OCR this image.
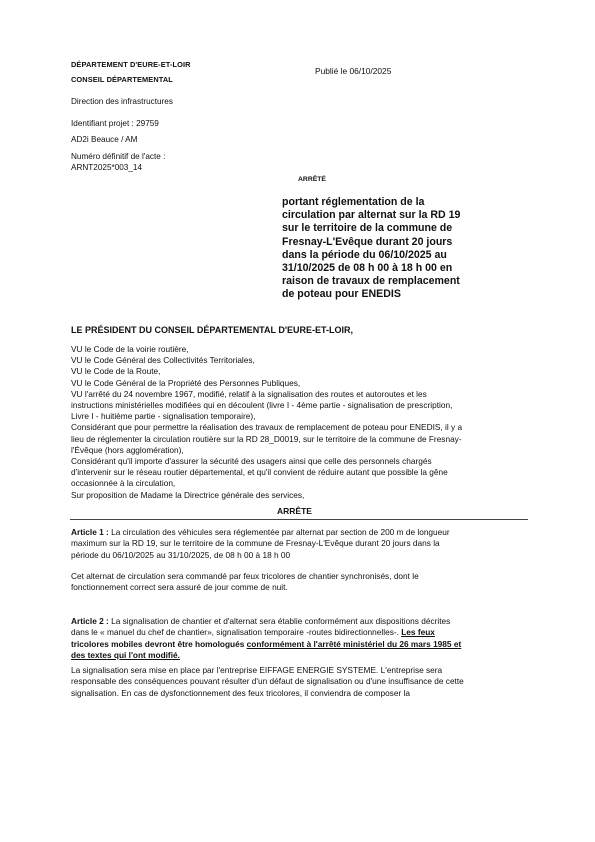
DÉPARTEMENT D'EURE-ET-LOIR
CONSEIL DÉPARTEMENTAL
Publié le 06/10/2025
Direction des infrastructures
Identifiant projet : 29759
AD2i Beauce / AM
Numéro définitif de l'acte :
ARNT2025*003_14
ARRÊTÉ
portant réglementation de la
circulation par alternat sur la RD 19
sur le territoire de la commune de
Fresnay-L'Evêque durant 20 jours
dans la période du 06/10/2025 au
31/10/2025 de 08 h 00 à 18 h 00 en
raison de travaux de remplacement
de poteau pour ENEDIS
LE PRÉSIDENT DU CONSEIL DÉPARTEMENTAL D'EURE-ET-LOIR,
VU le Code de la voirie routière,
VU le Code Général des Collectivités Territoriales,
VU le Code de la Route,
VU le Code Général de la Propriété des Personnes Publiques,
VU l'arrêté du 24 novembre 1967, modifié, relatif à la signalisation des routes et autoroutes et les
instructions ministérielles modifiées qui en découlent (livre I - 4ème partie - signalisation de prescription,
Livre I - huitième partie - signalisation temporaire),
Considérant que pour permettre la réalisation des travaux de remplacement de poteau pour ENEDIS, il y a
lieu de réglementer la circulation routière sur la RD 28_D0019, sur le territoire de la commune de Fresnay-
l'Évêque (hors agglomération),
Considérant qu'il importe d'assurer la sécurité des usagers ainsi que celle des personnels chargés
d'intervenir sur le réseau routier départemental, et qu'il convient de réduire autant que possible la gêne
occasionnée à la circulation,
Sur proposition de Madame la Directrice générale des services,
ARRÊTE
Article 1 : La circulation des véhicules sera réglementée par alternat par section de 200 m de longueur
maximum sur la RD 19, sur le territoire de la commune de Fresnay-L'Evêque durant 20 jours dans la
période du 06/10/2025 au 31/10/2025, de 08 h 00 à 18 h 00
Cet alternat de circulation sera commandé par feux tricolores de chantier synchronisés, dont le
fonctionnement correct sera assuré de jour comme de nuit.
Article 2 : La signalisation de chantier et d'alternat sera établie conformément aux dispositions décrites
dans le « manuel du chef de chantier», signalisation temporaire -routes bidirectionnelles-. Les feux
tricolores mobiles devront être homologués conformément à l'arrêté ministériel du 26 mars 1985 et
des textes qui l'ont modifié.
La signalisation sera mise en place par l'entreprise EIFFAGE ENERGIE SYSTEME. L'entreprise sera
responsable des conséquences pouvant résulter d'un défaut de signalisation ou d'une insuffisance de cette
signalisation. En cas de dysfonctionnement des feux tricolores, il conviendra de composer la
